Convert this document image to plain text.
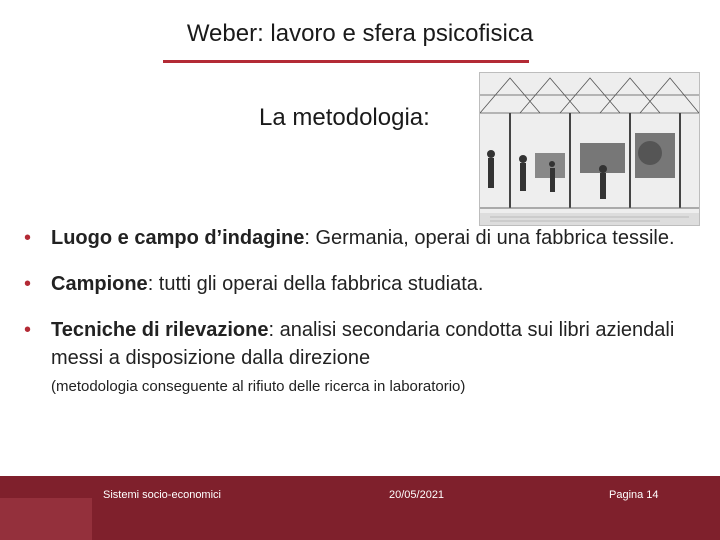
Weber: lavoro e sfera psicofisica
La metodologia:
• Luogo e campo d’indagine: Germania, operai di una fabbrica tessile.
• Campione: tutti gli operai della fabbrica studiata.
• Tecniche di rilevazione: analisi secondaria condotta sui libri aziendali messi a disposizione dalla direzione
(metodologia conseguente al rifiuto delle ricerca in laboratorio)
Sistemi socio-economici	20/05/2021	Pagina 14
